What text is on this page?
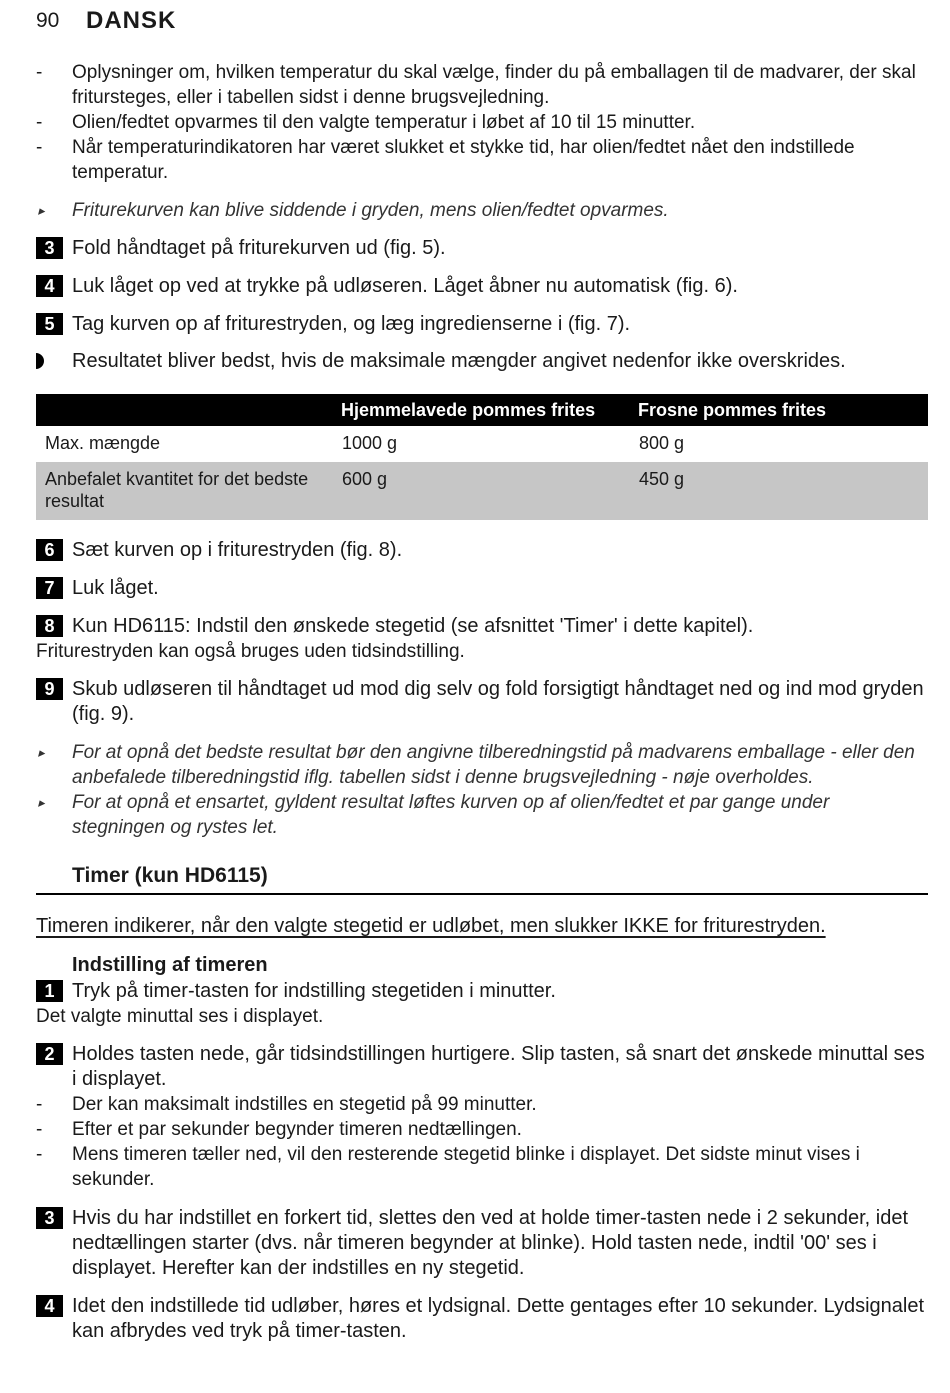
90 DANSK
- Oplysninger om, hvilken temperatur du skal vælge, finder du på emballagen til de madvarer, der skal fritursteges, eller i tabellen sidst i denne brugsvejledning.
- Olien/fedtet opvarmes til den valgte temperatur i løbet af 10 til 15 minutter.
- Når temperaturindikatoren har været slukket et stykke tid, har olien/fedtet nået den indstillede temperatur.
▸ Friturekurven kan blive siddende i gryden, mens olien/fedtet opvarmes.
3 Fold håndtaget på friturekurven ud (fig. 5).
4 Luk låget op ved at trykke på udløseren. Låget åbner nu automatisk (fig. 6).
5 Tag kurven op af friturestryden, og læg ingredienserne i (fig. 7).
Resultatet bliver bedst, hvis de maksimale mængder angivet nedenfor ikke overskrides.
	Hjemmelavede pommes frites	Frosne pommes frites
Max. mængde	1000 g	800 g
Anbefalet kvantitet for det bedste resultat	600 g	450 g
6 Sæt kurven op i friturestryden (fig. 8).
7 Luk låget.
8 Kun HD6115: Indstil den ønskede stegetid (se afsnittet 'Timer' i dette kapitel).
Friturestryden kan også bruges uden tidsindstilling.
9 Skub udløseren til håndtaget ud mod dig selv og fold forsigtigt håndtaget ned og ind mod gryden (fig. 9).
▸ For at opnå det bedste resultat bør den angivne tilberedningstid på madvarens emballage - eller den anbefalede tilberedningstid iflg. tabellen sidst i denne brugsvejledning - nøje overholdes.
▸ For at opnå et ensartet, gyldent resultat løftes kurven op af olien/fedtet et par gange under stegningen og rystes let.
Timer (kun HD6115)
Timeren indikerer, når den valgte stegetid er udløbet, men slukker IKKE for friturestryden.
Indstilling af timeren
1 Tryk på timer-tasten for indstilling stegetiden i minutter.
Det valgte minuttal ses i displayet.
2 Holdes tasten nede, går tidsindstillingen hurtigere. Slip tasten, så snart det ønskede minuttal ses i displayet.
- Der kan maksimalt indstilles en stegetid på 99 minutter.
- Efter et par sekunder begynder timeren nedtællingen.
- Mens timeren tæller ned, vil den resterende stegetid blinke i displayet. Det sidste minut vises i sekunder.
3 Hvis du har indstillet en forkert tid, slettes den ved at holde timer-tasten nede i 2 sekunder, idet nedtællingen starter (dvs. når timeren begynder at blinke). Hold tasten nede, indtil '00' ses i displayet. Herefter kan der indstilles en ny stegetid.
4 Idet den indstillede tid udløber, høres et lydsignal. Dette gentages efter 10 sekunder. Lydsignalet kan afbrydes ved tryk på timer-tasten.
